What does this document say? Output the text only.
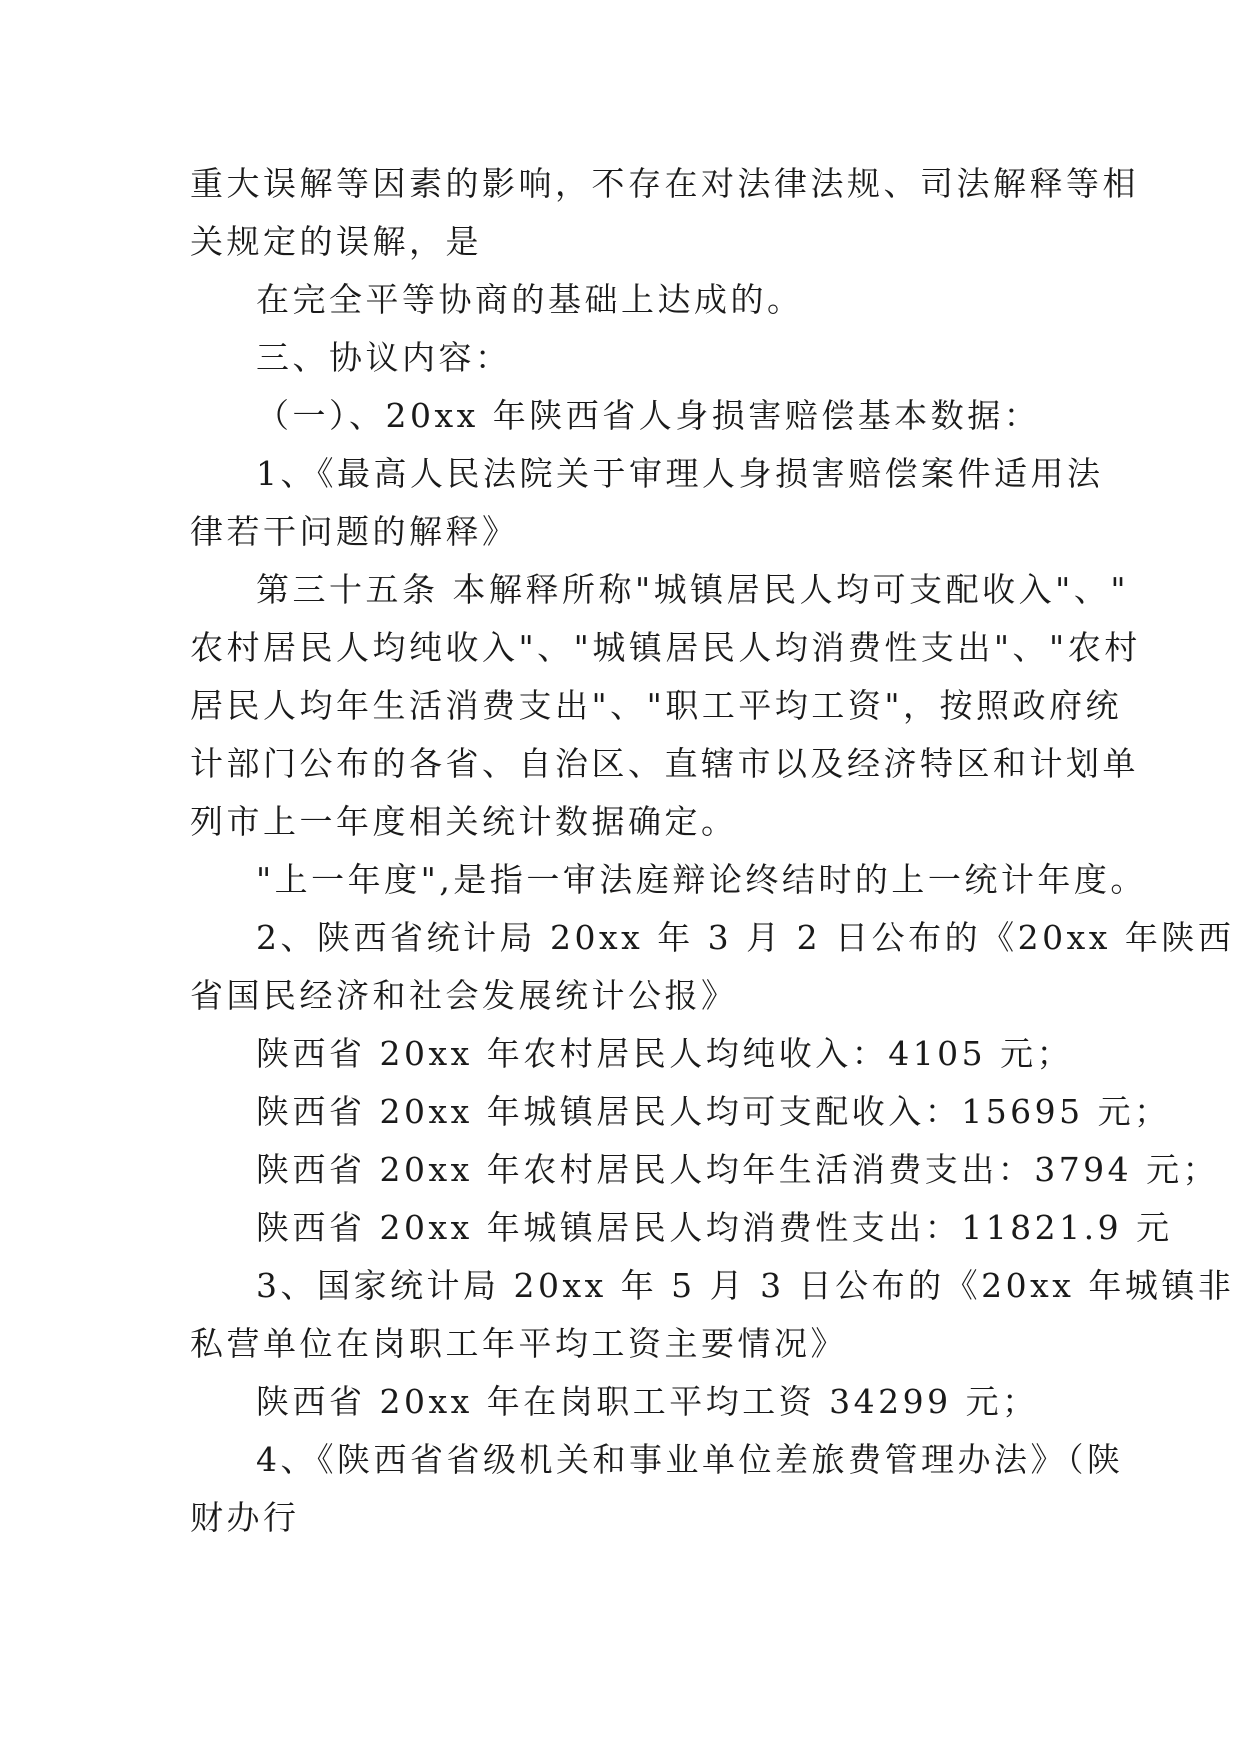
重大误解等因素的影响，不存在对法律法规、司法解释等相
关规定的误解，是
在完全平等协商的基础上达成的。
三、协议内容：
（一）、20xx 年陕西省人身损害赔偿基本数据：
1、《最高人民法院关于审理人身损害赔偿案件适用法
律若干问题的解释》
第三十五条 本解释所称"城镇居民人均可支配收入"、"
农村居民人均纯收入"、"城镇居民人均消费性支出"、"农村
居民人均年生活消费支出"、"职工平均工资"，按照政府统
计部门公布的各省、自治区、直辖市以及经济特区和计划单
列市上一年度相关统计数据确定。
"上一年度",是指一审法庭辩论终结时的上一统计年度。
2、陕西省统计局 20xx 年 3 月 2 日公布的《20xx 年陕西
省国民经济和社会发展统计公报》
陕西省 20xx 年农村居民人均纯收入：4105 元；
陕西省 20xx 年城镇居民人均可支配收入：15695 元；
陕西省 20xx 年农村居民人均年生活消费支出：3794 元；
陕西省 20xx 年城镇居民人均消费性支出：11821.9 元
3、国家统计局 20xx 年 5 月 3 日公布的《20xx 年城镇非
私营单位在岗职工年平均工资主要情况》
陕西省 20xx 年在岗职工平均工资 34299 元；
4、《陕西省省级机关和事业单位差旅费管理办法》（陕
财办行
